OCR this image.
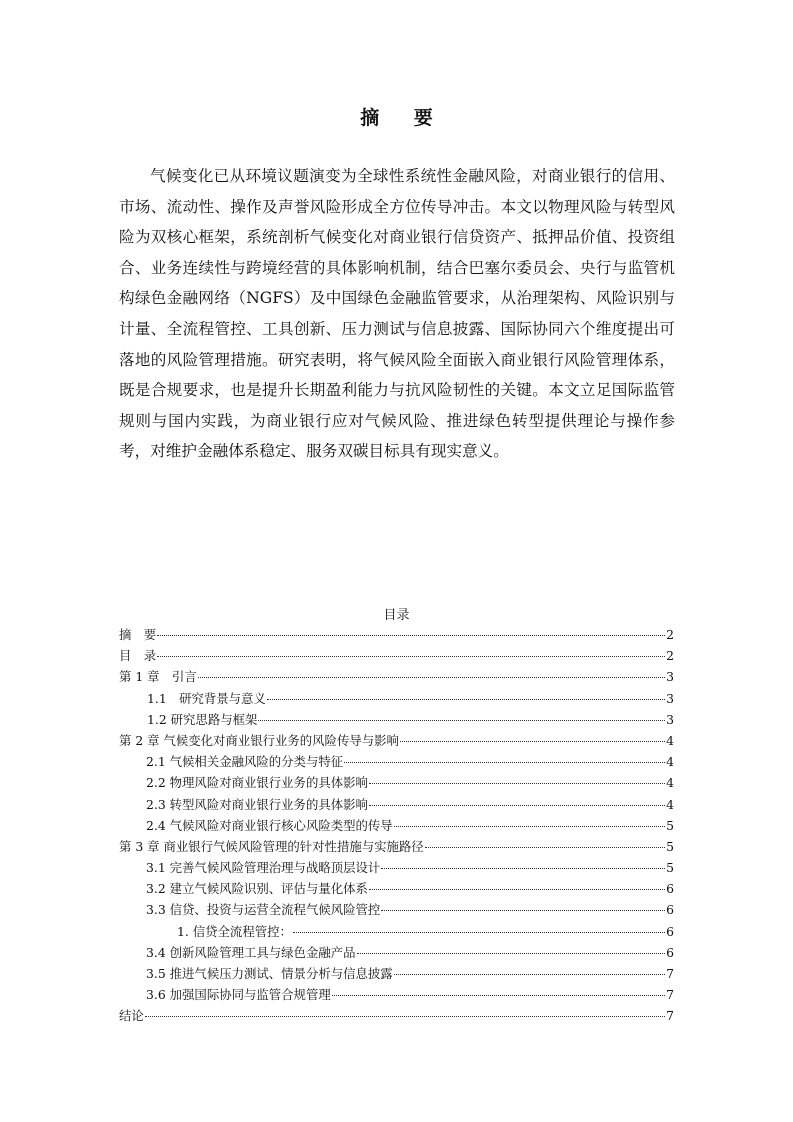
摘 要

气候变化已从环境议题演变为全球性系统性金融风险，对商业银行的信用、市场、流动性、操作及声誉风险形成全方位传导冲击。本文以物理风险与转型风险为双核心框架，系统剖析气候变化对商业银行信贷资产、抵押品价值、投资组合、业务连续性与跨境经营的具体影响机制，结合巴塞尔委员会、央行与监管机构绿色金融网络（NGFS）及中国绿色金融监管要求，从治理架构、风险识别与计量、全流程管控、工具创新、压力测试与信息披露、国际协同六个维度提出可落地的风险管理措施。研究表明，将气候风险全面嵌入商业银行风险管理体系，既是合规要求，也是提升长期盈利能力与抗风险韧性的关键。本文立足国际监管规则与国内实践，为商业银行应对气候风险、推进绿色转型提供理论与操作参考，对维护金融体系稳定、服务双碳目标具有现实意义。

目录
摘　要	2
目　录	2
第 1 章　引言	3
1.1　研究背景与意义	3
1.2 研究思路与框架	3
第 2 章 气候变化对商业银行业务的风险传导与影响	4
2.1 气候相关金融风险的分类与特征	4
2.2 物理风险对商业银行业务的具体影响	4
2.3 转型风险对商业银行业务的具体影响	4
2.4 气候风险对商业银行核心风险类型的传导	5
第 3 章 商业银行气候风险管理的针对性措施与实施路径	5
3.1 完善气候风险管理治理与战略顶层设计	5
3.2 建立气候风险识别、评估与量化体系	6
3.3 信贷、投资与运营全流程气候风险管控	6
1. 信贷全流程管控：	6
3.4 创新风险管理工具与绿色金融产品	6
3.5 推进气候压力测试、情景分析与信息披露	7
3.6 加强国际协同与监管合规管理	7
结论	7
